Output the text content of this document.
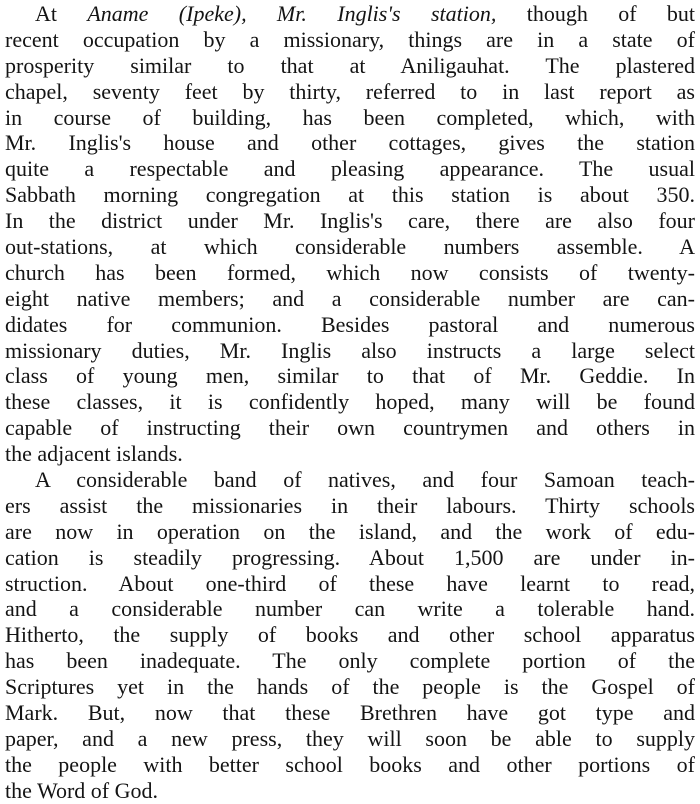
At Aname (Ipeke), Mr. Inglis's station, though of but
recent occupation by a missionary, things are in a state of
prosperity similar to that at Aniligauhat. The plastered
chapel, seventy feet by thirty, referred to in last report as
in course of building, has been completed, which, with
Mr. Inglis's house and other cottages, gives the station
quite a respectable and pleasing appearance. The usual
Sabbath morning congregation at this station is about 350.
In the district under Mr. Inglis's care, there are also four
out-stations, at which considerable numbers assemble. A
church has been formed, which now consists of twenty-
eight native members; and a considerable number are can-
didates for communion. Besides pastoral and numerous
missionary duties, Mr. Inglis also instructs a large select
class of young men, similar to that of Mr. Geddie. In
these classes, it is confidently hoped, many will be found
capable of instructing their own countrymen and others in
the adjacent islands.
A considerable band of natives, and four Samoan teach-
ers assist the missionaries in their labours. Thirty schools
are now in operation on the island, and the work of edu-
cation is steadily progressing. About 1,500 are under in-
struction. About one-third of these have learnt to read,
and a considerable number can write a tolerable hand.
Hitherto, the supply of books and other school apparatus
has been inadequate. The only complete portion of the
Scriptures yet in the hands of the people is the Gospel of
Mark. But, now that these Brethren have got type and
paper, and a new press, they will soon be able to supply
the people with better school books and other portions of
the Word of God.
